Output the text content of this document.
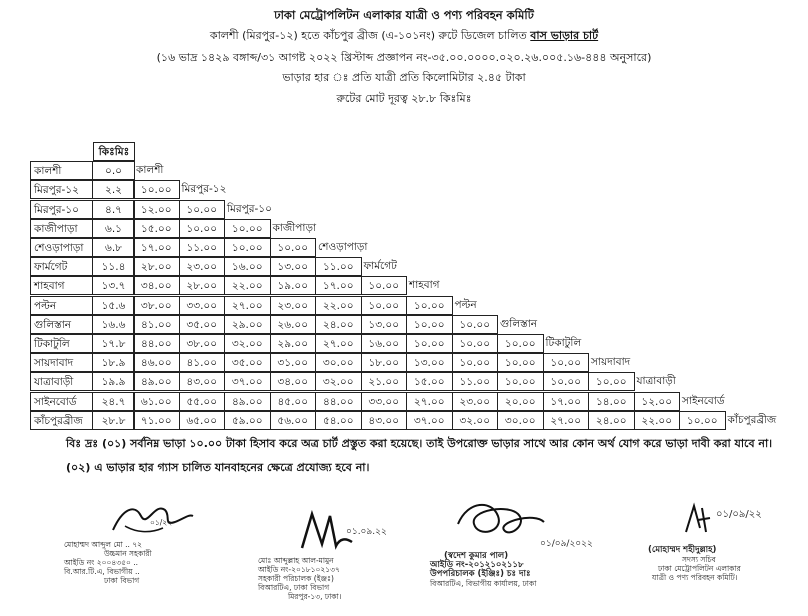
ঢাকা মেট্রোপলিটন এলাকার যাত্রী ও পণ্য পরিবহন কমিটি
কালশী (মিরপুর-১২) হতে কাঁচপুর ব্রীজ (এ-১০১নং) রুটে ডিজেল চালিত বাস ভাড়ার চার্ট
(১৬ ভাদ্র ১৪২৯ বঙ্গাব্দ/৩১ আগষ্ট ২০২২ খ্রিস্টাব্দ প্রজ্ঞাপন নং-৩৫.০০.০০০০.০২০.২৬.০০৫.১৬-৪৪৪ অনুসারে)
ভাড়ার হার ঃ প্রতি যাত্রী প্রতি কিলোমিটার ২.৪৫ টাকা
রুটের মোট দূরত্ব ২৮.৮ কিঃমিঃ
কিঃমিঃ
কালশী	০.০	কালশী
মিরপুর-১২	২.২	১০.০০ মিরপুর-১২
মিরপুর-১০	৪.৭	১২.০০	১০.০০ মিরপুর-১০
কাজীপাড়া	৬.১	১৫.০০	১০.০০	১০.০০ কাজীপাড়া
শেওড়াপাড়া	৬.৮	১৭.০০	১১.০০	১০.০০	১০.০০ শেওড়াপাড়া
ফার্মগেট	১১.৪	২৮.০০	২৩.০০	১৬.০০	১৩.০০	১১.০০ ফার্মগেট
শাহবাগ	১৩.৭	৩৪.০০	২৮.০০	২২.০০	১৯.০০	১৭.০০	১০.০০ শাহবাগ
পল্টন	১৫.৬	৩৮.০০	৩৩.০০	২৭.০০	২৩.০০	২২.০০	১০.০০	১০.০০ পল্টন
গুলিস্তান	১৬.৬	৪১.০০	৩৫.০০	২৯.০০	২৬.০০	২৪.০০	১৩.০০	১০.০০	১০.০০ গুলিস্তান
টিকাটুলি	১৭.৮	৪৪.০০	৩৮.০০	৩২.০০	২৯.০০	২৭.০০	১৬.০০	১০.০০	১০.০০	১০.০০ টিকাটুলি
সায়দাবাদ	১৮.৯	৪৬.০০	৪১.০০	৩৫.০০	৩১.০০	৩০.০০	১৮.০০	১৩.০০	১০.০০	১০.০০	১০.০০ সায়দাবাদ
যাত্রাবাড়ী	১৯.৯	৪৯.০০	৪৩.০০	৩৭.০০	৩৪.০০	৩২.০০	২১.০০	১৫.০০	১১.০০	১০.০০	১০.০০	১০.০০ যাত্রাবাড়ী
সাইনবোর্ড	২৪.৭	৬১.০০	৫৫.০০	৪৯.০০	৪৫.০০	৪৪.০০	৩৩.০০	২৭.০০	২৩.০০	২০.০০	১৭.০০	১৪.০০	১২.০০ সাইনবোর্ড
কাঁচপুরব্রীজ	২৮.৮	৭১.০০	৬৫.০০	৫৯.০০	৫৬.০০	৫৪.০০	৪৩.০০	৩৭.০০	৩২.০০	৩০.০০	২৭.০০	২৪.০০	২২.০০	১০.০০ কাঁচপুরব্রীজ
বিঃ দ্রঃ (০১) সর্বনিম্ন ভাড়া ১০.০০ টাকা হিসাব করে অত্র চার্ট প্রস্তুত করা হয়েছে। তাই উপরোক্ত ভাড়ার সাথে আর কোন অর্থ যোগ করে ভাড়া দাবী করা যাবে না।
(০২) এ ভাড়ার হার গ্যাস চালিত যানবাহনের ক্ষেত্রে প্রযোজ্য হবে না।
০১/২২
মোহাম্মদ আব্দুল মো .. ৭২
উচ্চমান সহকারী
আইডি নং ২০০৪৩৫০ ..
বি.আর.টি.এ, বিভাগীয় ..
ঢাকা বিভাগ
০১.০৯.২২
মোঃ আব্দুল্লাহ আল-মামুন
আইডি নং-২০১৮১০২১৩৭
সহকারী পরিচালক (ইঞ্জঃ)
বিআরটিএ, ঢাকা বিভাগ
মিরপুর-১৩, ঢাকা।
০১/০৯/২০২২
(স্বদেশ কুমার পাল)
আইডি নং-২০১২১০২১১৮
উপপরিচালক (ইঞ্জিঃ) চঃ দাঃ
বিআরটিএ, বিভাগীয় কার্যালয়, ঢাকা
০১/০৯/২২
(মোহাম্মদ শহীদুল্লাহ)
সদস্য সচিব
ঢাকা মেট্রোপলিটন এলাকার
যাত্রী ও পণ্য পরিবহন কমিটি।
